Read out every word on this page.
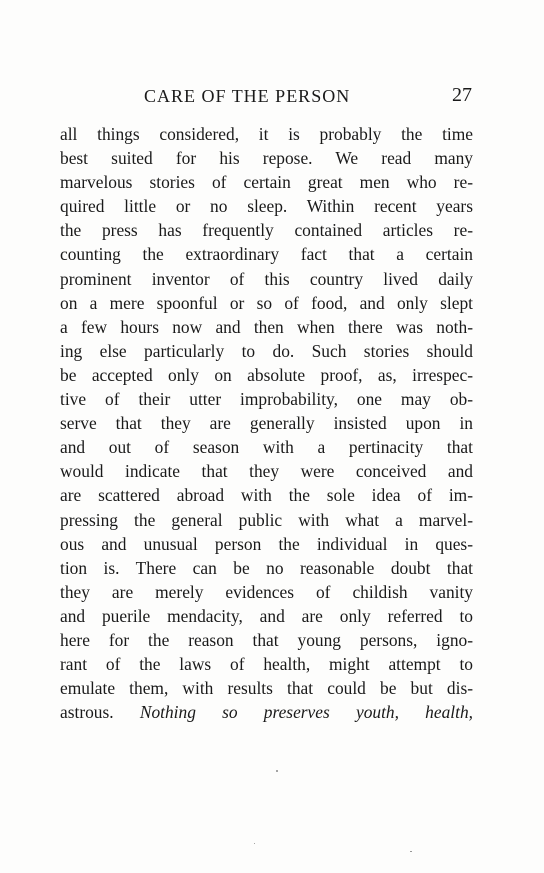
CARE OF THE PERSON	27
all things considered, it is probably the time
best suited for his repose. We read many
marvelous stories of certain great men who re-
quired little or no sleep. Within recent years
the press has frequently contained articles re-
counting the extraordinary fact that a certain
prominent inventor of this country lived daily
on a mere spoonful or so of food, and only slept
a few hours now and then when there was noth-
ing else particularly to do. Such stories should
be accepted only on absolute proof, as, irrespec-
tive of their utter improbability, one may ob-
serve that they are generally insisted upon in
and out of season with a pertinacity that
would indicate that they were conceived and
are scattered abroad with the sole idea of im-
pressing the general public with what a marvel-
ous and unusual person the individual in ques-
tion is. There can be no reasonable doubt that
they are merely evidences of childish vanity
and puerile mendacity, and are only referred to
here for the reason that young persons, igno-
rant of the laws of health, might attempt to
emulate them, with results that could be but dis-
astrous. Nothing so preserves youth, health,
